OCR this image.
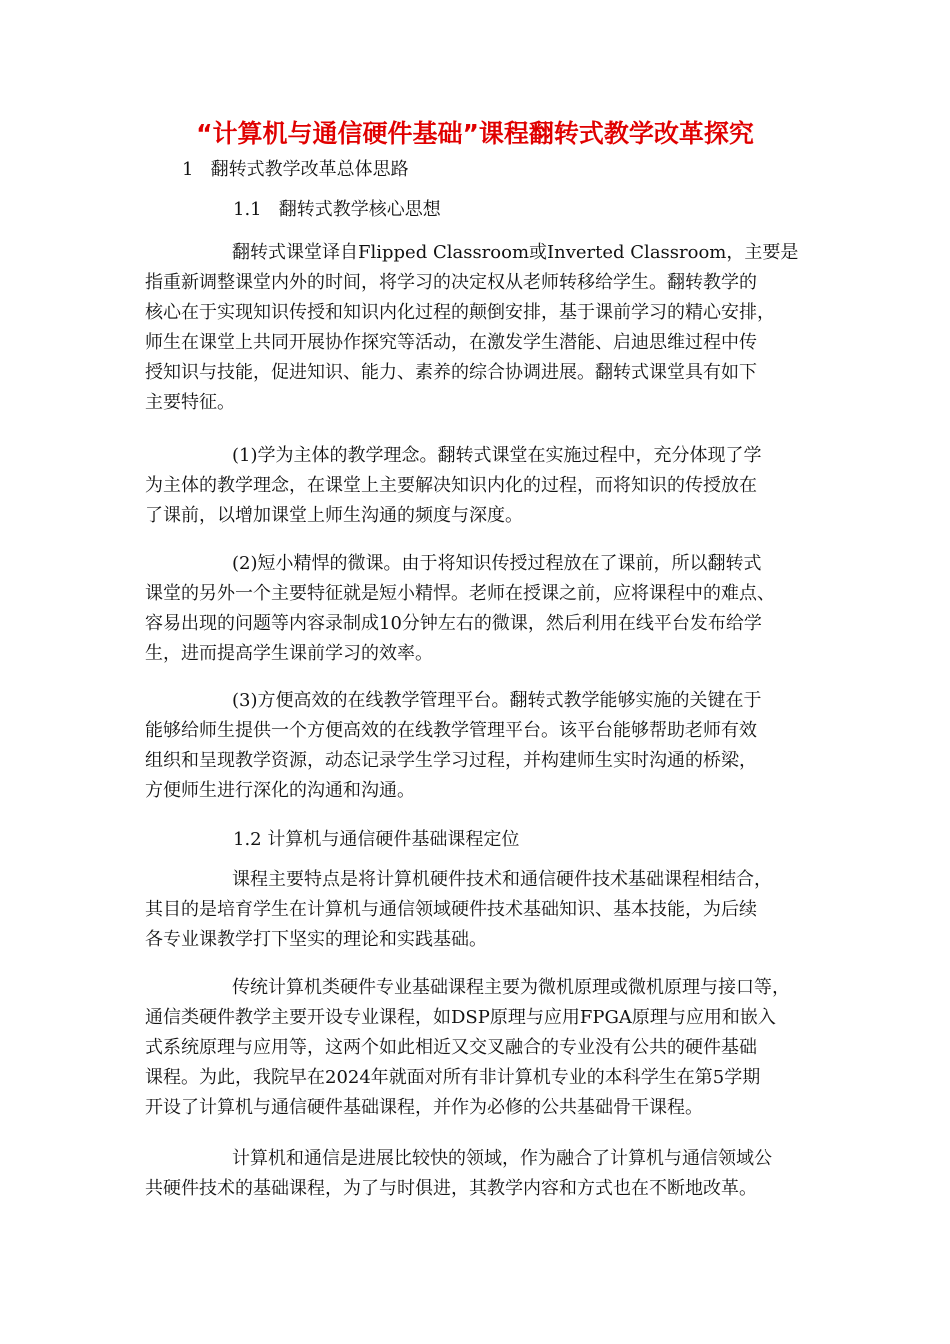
“计算机与通信硬件基础”课程翻转式教学改革探究
1   翻转式教学改革总体思路
1.1   翻转式教学核心思想
翻转式课堂译自Flipped Classroom或Inverted Classroom，主要是
指重新调整课堂内外的时间，将学习的决定权从老师转移给学生。翻转教学的
核心在于实现知识传授和知识内化过程的颠倒安排，基于课前学习的精心安排，
师生在课堂上共同开展协作探究等活动，在激发学生潜能、启迪思维过程中传
授知识与技能，促进知识、能力、素养的综合协调进展。翻转式课堂具有如下
主要特征。
(1)学为主体的教学理念。翻转式课堂在实施过程中，充分体现了学
为主体的教学理念，在课堂上主要解决知识内化的过程，而将知识的传授放在
了课前，以增加课堂上师生沟通的频度与深度。
(2)短小精悍的微课。由于将知识传授过程放在了课前，所以翻转式
课堂的另外一个主要特征就是短小精悍。老师在授课之前，应将课程中的难点、
容易出现的问题等内容录制成10分钟左右的微课，然后利用在线平台发布给学
生，进而提高学生课前学习的效率。
(3)方便高效的在线教学管理平台。翻转式教学能够实施的关键在于
能够给师生提供一个方便高效的在线教学管理平台。该平台能够帮助老师有效
组织和呈现教学资源，动态记录学生学习过程，并构建师生实时沟通的桥梁，
方便师生进行深化的沟通和沟通。
1.2 计算机与通信硬件基础课程定位
课程主要特点是将计算机硬件技术和通信硬件技术基础课程相结合，
其目的是培育学生在计算机与通信领域硬件技术基础知识、基本技能，为后续
各专业课教学打下坚实的理论和实践基础。
传统计算机类硬件专业基础课程主要为微机原理或微机原理与接口等，
通信类硬件教学主要开设专业课程，如DSP原理与应用FPGA原理与应用和嵌入
式系统原理与应用等，这两个如此相近又交叉融合的专业没有公共的硬件基础
课程。为此，我院早在2024年就面对所有非计算机专业的本科学生在第5学期
开设了计算机与通信硬件基础课程，并作为必修的公共基础骨干课程。
计算机和通信是进展比较快的领域，作为融合了计算机与通信领域公
共硬件技术的基础课程，为了与时俱进，其教学内容和方式也在不断地改革。
